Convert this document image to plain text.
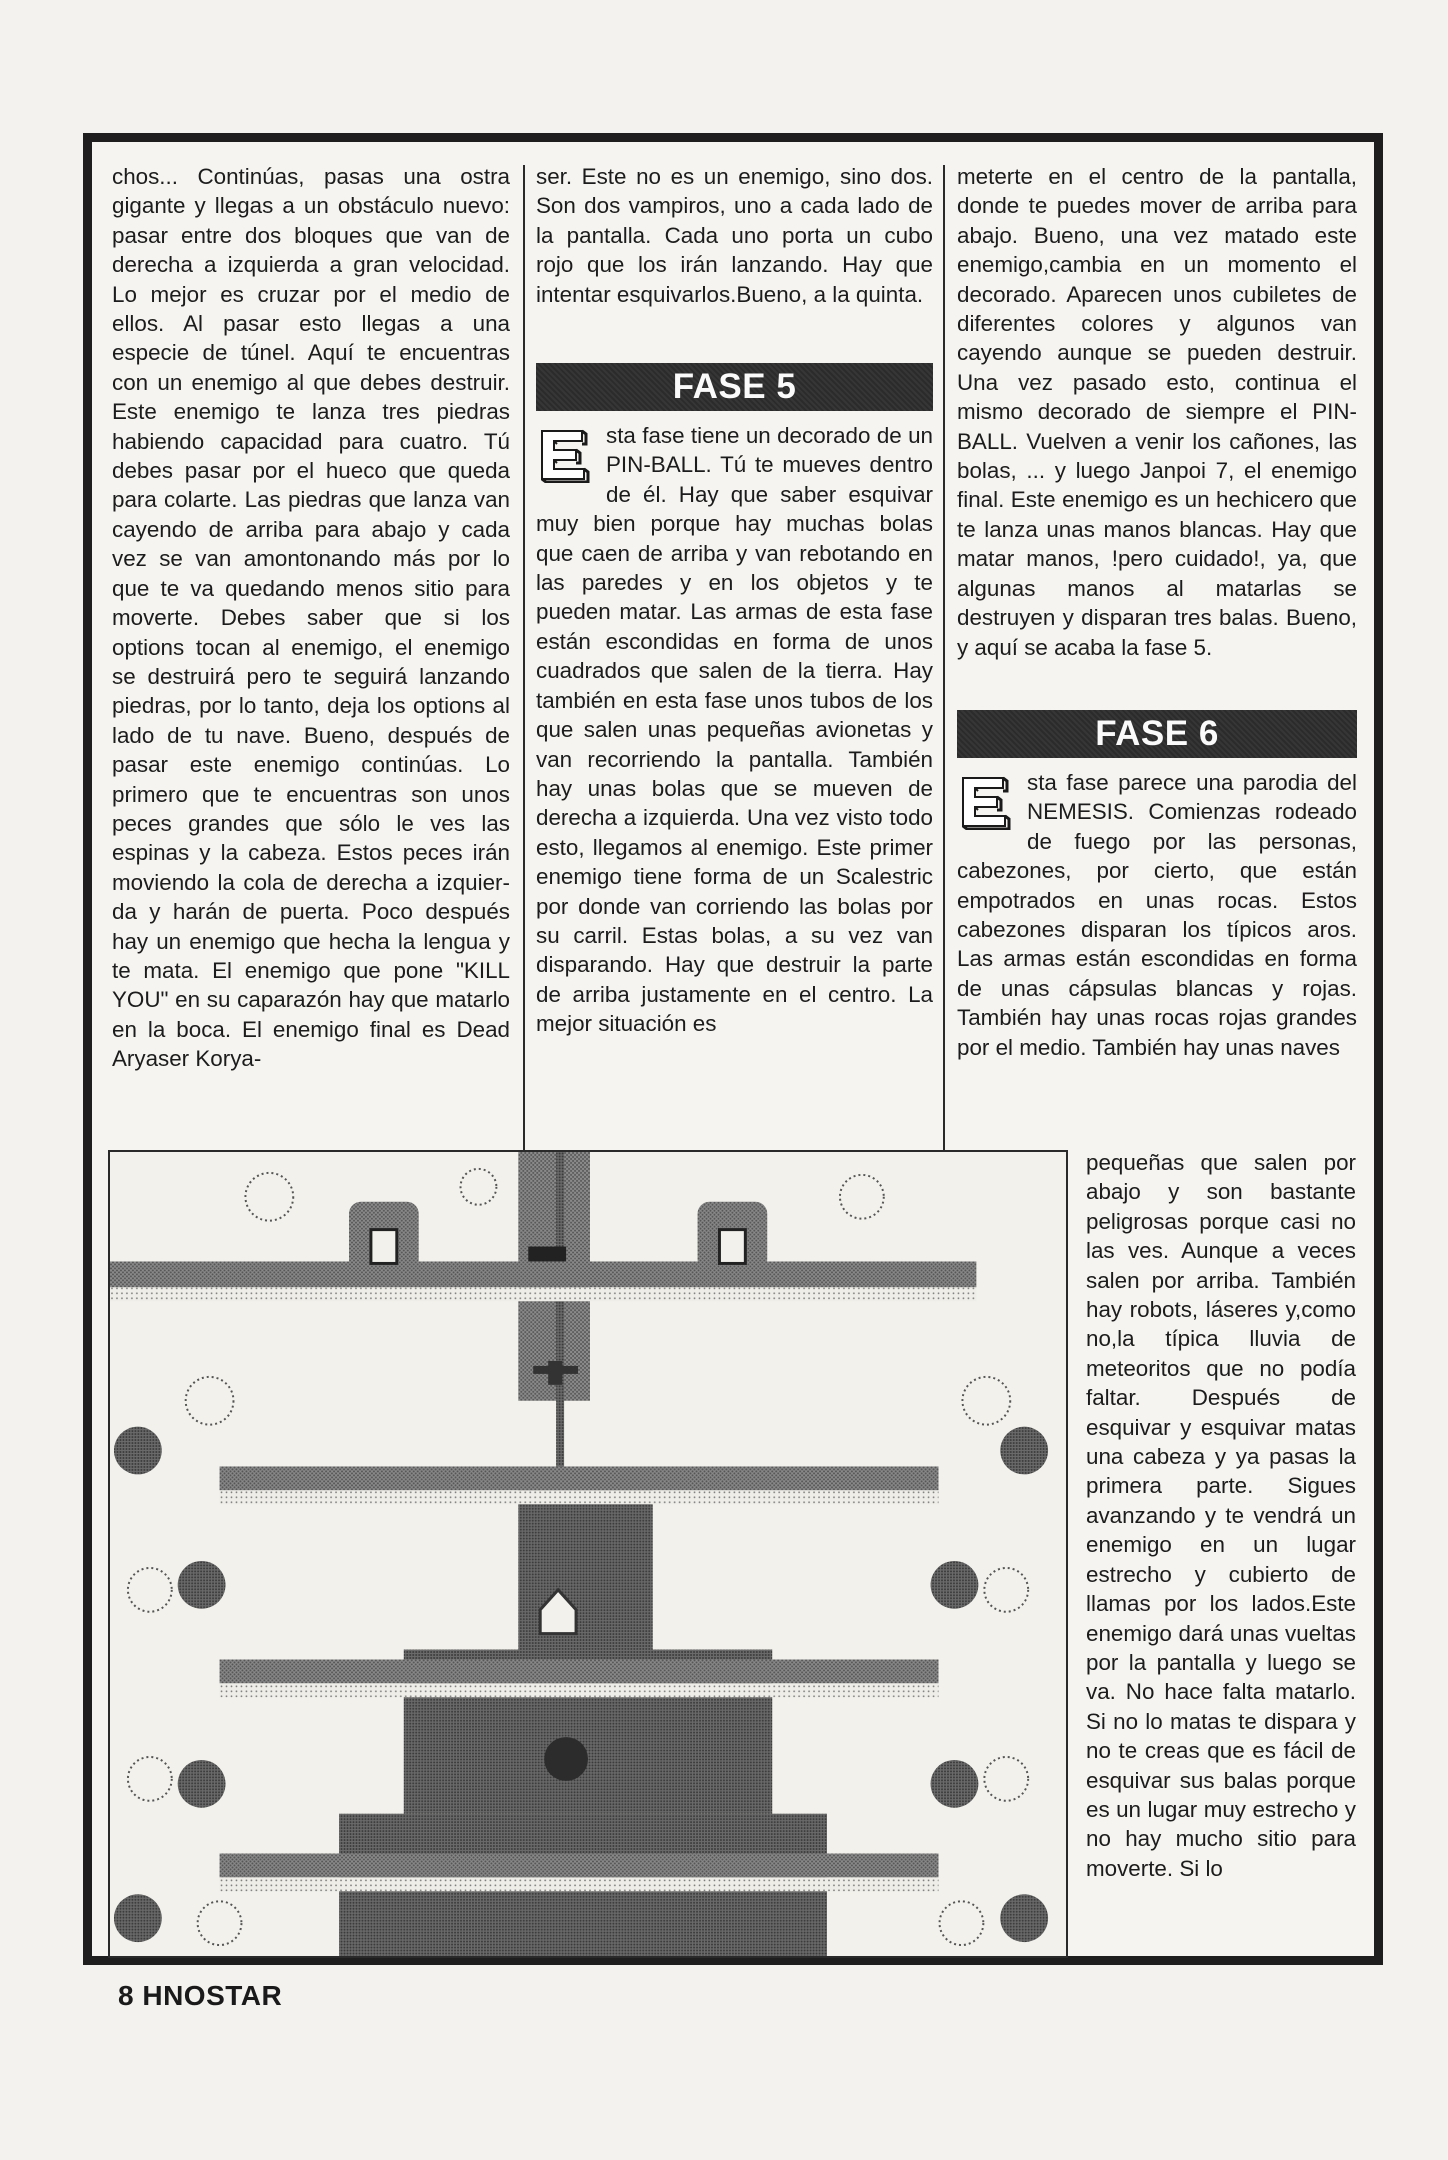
chos... Continúas, pasas una ostra gigante y llegas a un obstáculo nuevo: pasar entre dos bloques que van de derecha a izquierda a gran velocidad. Lo mejor es cruzar por el medio de ellos. Al pasar esto llegas a una especie de túnel. Aquí te encuentras con un enemigo al que debes destruir. Este enemigo te lanza tres piedras habiendo capacidad para cuatro. Tú debes pasar por el hueco que queda para colarte. Las piedras que lanza van cayendo de arriba para abajo y cada vez se van amontonando más por lo que te va quedando menos sitio para moverte. Debes saber que si los options tocan al enemigo, el enemigo se destruirá pero te seguirá lanzando piedras, por lo tanto, deja los options al lado de tu nave. Bueno, después de pasar este enemigo continúas. Lo primero que te encuentras son unos peces grandes que sólo le ves las espinas y la cabeza. Estos peces irán moviendo la cola de derecha a izquierda y harán de puerta. Poco después hay un enemigo que hecha la lengua y te mata. El enemigo que pone "KILL YOU" en su caparazón hay que matarlo en la boca. El enemigo final es Dead Aryaser Korya-

ser. Este no es un enemigo, sino dos. Son dos vampiros, uno a cada lado de la pantalla. Cada uno porta un cubo rojo que los irán lanzando. Hay que intentar esquivarlos.Bueno, a la quinta.

FASE 5

sta fase tiene un decorado de un PIN-BALL. Tú te mueves dentro de él. Hay que saber esquivar muy bien porque hay muchas bolas que caen de arriba y van rebotando en las paredes y en los objetos y te pueden matar. Las armas de esta fase están escondidas en forma de unos cuadrados que salen de la tierra. Hay también en esta fase unos tubos de los que salen unas pequeñas avionetas y van recorriendo la pantalla. También hay unas bolas que se mueven de derecha a izquierda. Una vez visto todo esto, llegamos al enemigo. Este primer enemigo tiene forma de un Scalestric por donde van corriendo las bolas por su carril. Estas bolas, a su vez van disparando. Hay que destruir la parte de arriba justamente en el centro. La mejor situación es

meterte en el centro de la pantalla, donde te puedes mover de arriba para abajo. Bueno, una vez matado este enemigo,cambia en un momento el decorado. Aparecen unos cubiletes de diferentes colores y algunos van cayendo aunque se pueden destruir. Una vez pasado esto, continua el mismo decorado de siempre el PIN-BALL. Vuelven a venir los cañones, las bolas, ... y luego Janpoi 7, el enemigo final. Este enemigo es un hechicero que te lanza unas manos blancas. Hay que matar manos, !pero cuidado!, ya, que algunas manos al matarlas se destruyen y disparan tres balas. Bueno, y aquí se acaba la fase 5.

FASE 6

sta fase parece una parodia del NEMESIS. Comienzas rodeado de fuego por las personas, cabezones, por cierto, que están empotrados en unas rocas. Estos cabezones disparan los típicos aros. Las armas están escondidas en forma de unas cápsulas blancas y rojas. También hay unas rocas rojas grandes por el medio. También hay unas naves

pequeñas que salen por abajo y son bastante peligrosas porque casi no las ves. Aunque a veces salen por arriba. También hay robots, láseres y,como no,la típica lluvia de meteoritos que no podía faltar. Después de esquivar y esquivar matas una cabeza y ya pasas la primera parte. Sigues avanzando y te vendrá un enemigo en un lugar estrecho y cubierto de llamas por los lados.Este enemigo dará unas vueltas por la pantalla y luego se va. No hace falta matarlo. Si no lo matas te dispara y no te creas que es fácil de esquivar sus balas porque es un lugar muy estrecho y no hay mucho sitio para moverte. Si lo

8 HNOSTAR
